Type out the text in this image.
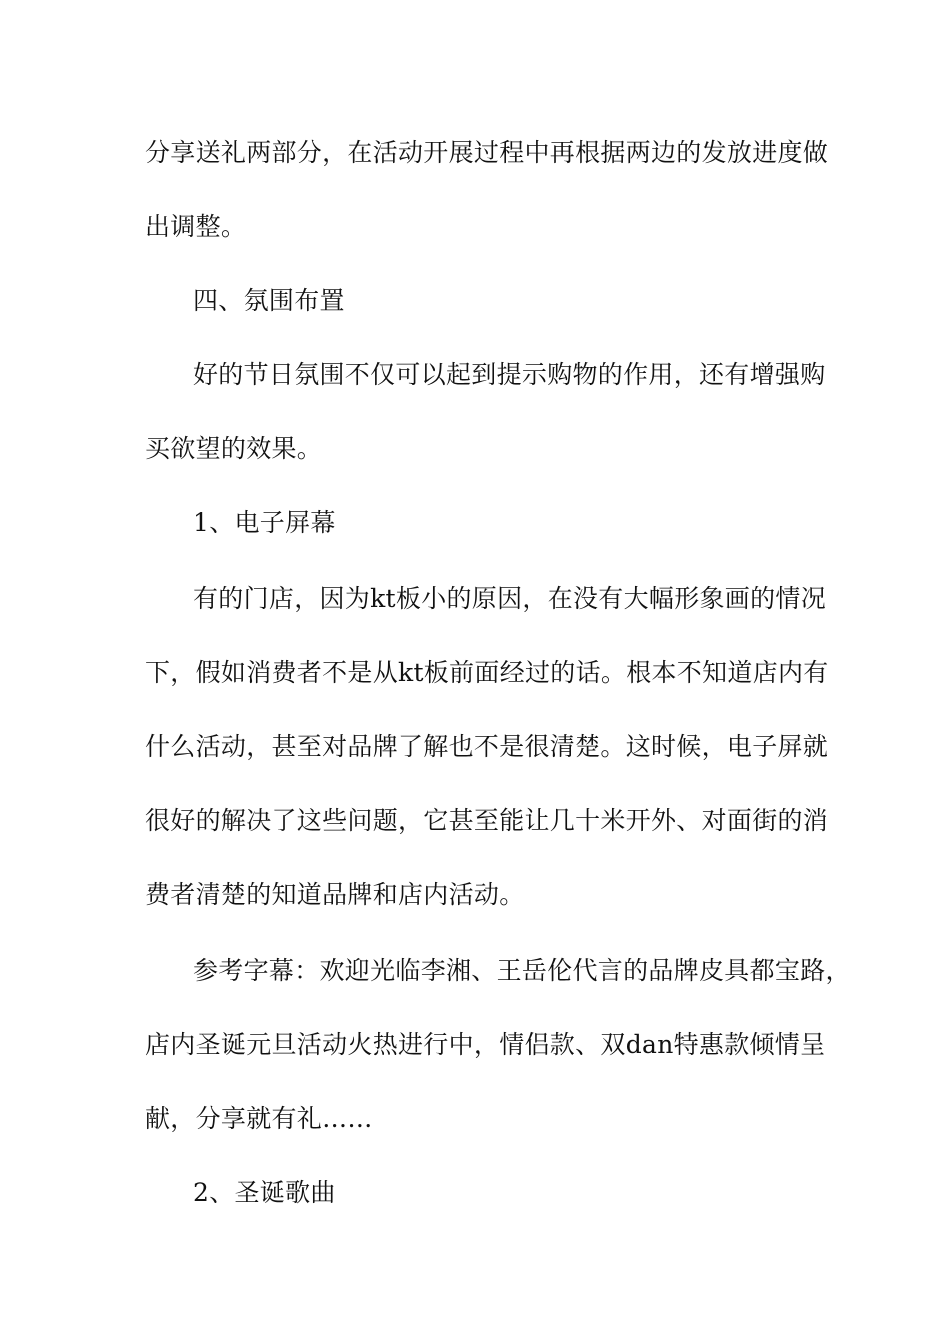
分享送礼两部分，在活动开展过程中再根据两边的发放进度做
出调整。
四、氛围布置
好的节日氛围不仅可以起到提示购物的作用，还有增强购
买欲望的效果。
1、电子屏幕
有的门店，因为kt板小的原因，在没有大幅形象画的情况
下，假如消费者不是从kt板前面经过的话。根本不知道店内有
什么活动，甚至对品牌了解也不是很清楚。这时候，电子屏就
很好的解决了这些问题，它甚至能让几十米开外、对面街的消
费者清楚的知道品牌和店内活动。
参考字幕：欢迎光临李湘、王岳伦代言的品牌皮具都宝路，
店内圣诞元旦活动火热进行中，情侣款、双dan特惠款倾情呈
献，分享就有礼……
2、圣诞歌曲
